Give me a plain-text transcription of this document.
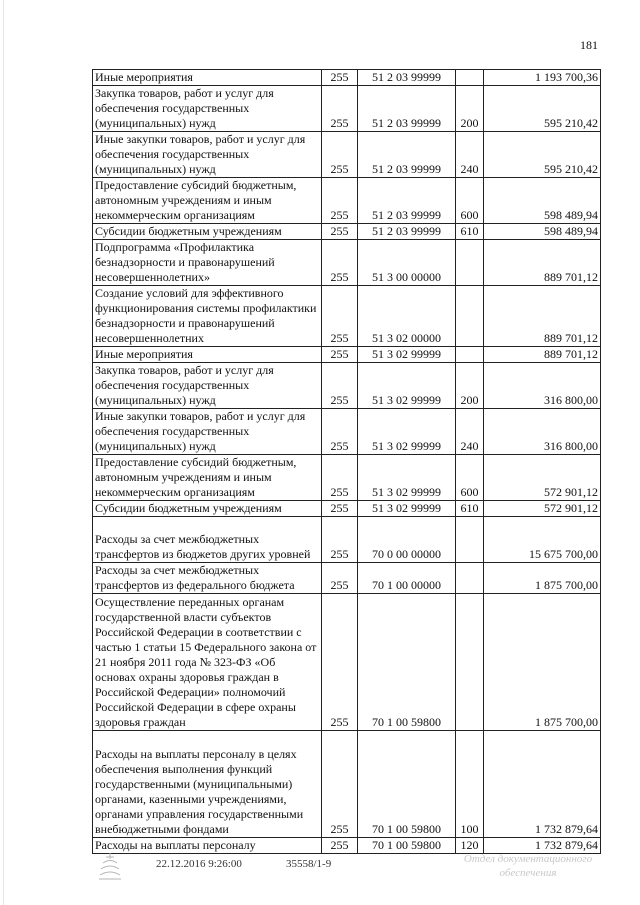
181
Иные мероприятия	255	51 2 03 99999		1 193 700,36
Закупка товаров, работ и услуг для обеспечения государственных (муниципальных) нужд	255	51 2 03 99999	200	595 210,42
Иные закупки товаров, работ и услуг для обеспечения государственных (муниципальных) нужд	255	51 2 03 99999	240	595 210,42
Предоставление субсидий бюджетным, автономным учреждениям и иным некоммерческим организациям	255	51 2 03 99999	600	598 489,94
Субсидии бюджетным учреждениям	255	51 2 03 99999	610	598 489,94
Подпрограмма «Профилактика безнадзорности и правонарушений несовершеннолетних»	255	51 3 00 00000		889 701,12
Создание условий для эффективного функционирования системы профилактики безнадзорности и правонарушений несовершеннолетних	255	51 3 02 00000		889 701,12
Иные мероприятия	255	51 3 02 99999		889 701,12
Закупка товаров, работ и услуг для обеспечения государственных (муниципальных) нужд	255	51 3 02 99999	200	316 800,00
Иные закупки товаров, работ и услуг для обеспечения государственных (муниципальных) нужд	255	51 3 02 99999	240	316 800,00
Предоставление субсидий бюджетным, автономным учреждениям и иным некоммерческим организациям	255	51 3 02 99999	600	572 901,12
Субсидии бюджетным учреждениям	255	51 3 02 99999	610	572 901,12
Расходы за счет межбюджетных трансфертов из бюджетов других уровней	255	70 0 00 00000		15 675 700,00
Расходы за счет межбюджетных трансфертов из федерального бюджета	255	70 1 00 00000		1 875 700,00
Осуществление переданных органам государственной власти субъектов Российской Федерации в соответствии с частью 1 статьи 15 Федерального закона от 21 ноября 2011 года № 323-ФЗ «Об основах охраны здоровья граждан в Российской Федерации» полномочий Российской Федерации в сфере охраны здоровья граждан	255	70 1 00 59800		1 875 700,00
Расходы на выплаты персоналу в целях обеспечения выполнения функций государственными (муниципальными) органами, казенными учреждениями, органами управления государственными внебюджетными фондами	255	70 1 00 59800	100	1 732 879,64
Расходы на выплаты персоналу	255	70 1 00 59800	120	1 732 879,64
22.12.2016 9:26:00	35558/1-9	Отдел документационного обеспечения
